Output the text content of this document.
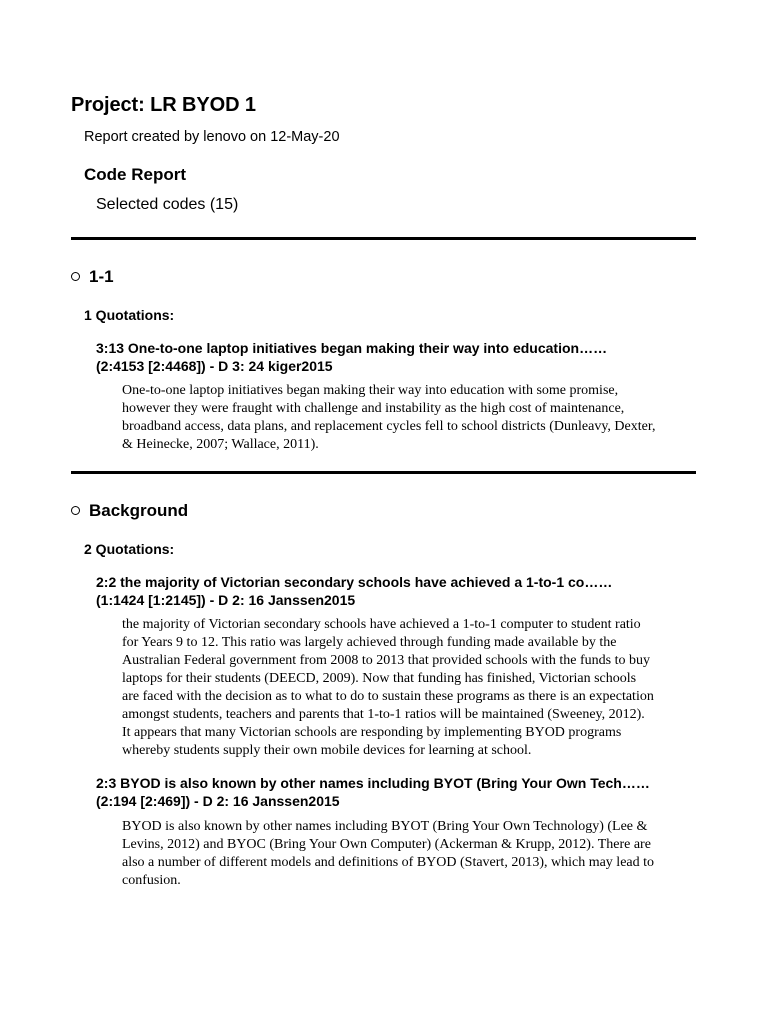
Project: LR BYOD 1
Report created by lenovo on 12-May-20
Code Report
Selected codes (15)
1-1
1 Quotations:
3:13 One-to-one laptop initiatives began making their way into education……
(2:4153 [2:4468]) - D 3: 24 kiger2015
One-to-one laptop initiatives began making their way into education with some promise,
however they were fraught with challenge and instability as the high cost of maintenance,
broadband access, data plans, and replacement cycles fell to school districts (Dunleavy, Dexter,
& Heinecke, 2007; Wallace, 2011).
Background
2 Quotations:
2:2 the majority of Victorian secondary schools have achieved a 1-to-1 co……
(1:1424 [1:2145]) - D 2: 16 Janssen2015
the majority of Victorian secondary schools have achieved a 1-to-1 computer to student ratio
for Years 9 to 12. This ratio was largely achieved through funding made available by the
Australian Federal government from 2008 to 2013 that provided schools with the funds to buy
laptops for their students (DEECD, 2009). Now that funding has finished, Victorian schools
are faced with the decision as to what to do to sustain these programs as there is an expectation
amongst students, teachers and parents that 1-to-1 ratios will be maintained (Sweeney, 2012).
It appears that many Victorian schools are responding by implementing BYOD programs
whereby students supply their own mobile devices for learning at school.
2:3 BYOD is also known by other names including BYOT (Bring Your Own Tech……
(2:194 [2:469]) - D 2: 16 Janssen2015
BYOD is also known by other names including BYOT (Bring Your Own Technology) (Lee &
Levins, 2012) and BYOC (Bring Your Own Computer) (Ackerman & Krupp, 2012). There are
also a number of different models and definitions of BYOD (Stavert, 2013), which may lead to
confusion.
